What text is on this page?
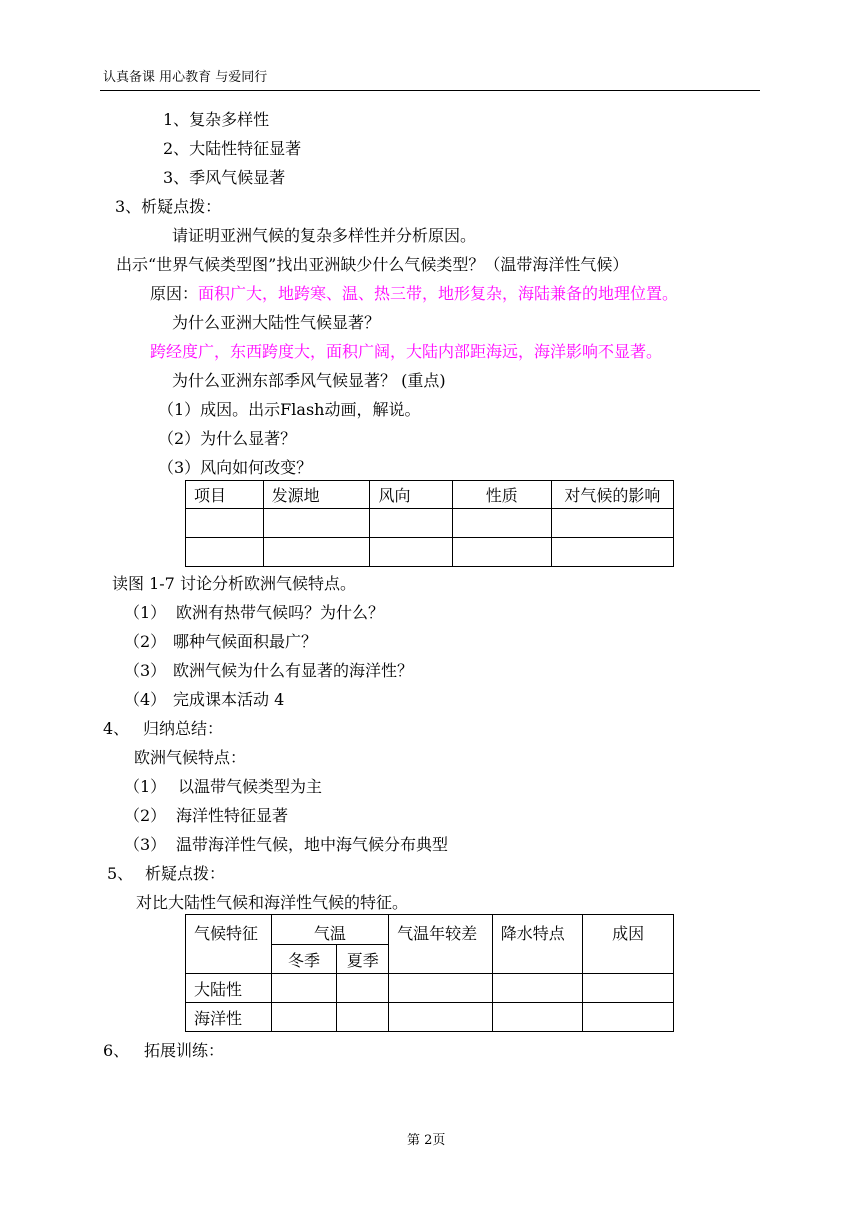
认真备课 用心教育 与爱同行
1、复杂多样性
2、大陆性特征显著
3、季风气候显著
3、析疑点拨：
请证明亚洲气候的复杂多样性并分析原因。
出示“世界气候类型图”找出亚洲缺少什么气候类型？（温带海洋性气候）
原因：面积广大，地跨寒、温、热三带，地形复杂，海陆兼备的地理位置。
为什么亚洲大陆性气候显著？
跨经度广，东西跨度大，面积广阔，大陆内部距海远，海洋影响不显著。
为什么亚洲东部季风气候显著？ (重点)
（1）成因。出示Flash动画，解说。
（2）为什么显著？
（3）风向如何改变？
项目	发源地	风向	性质	对气候的影响

读图 1-7 讨论分析欧洲气候特点。
（1） 欧洲有热带气候吗？为什么？
（2） 哪种气候面积最广？
（3） 欧洲气候为什么有显著的海洋性？
（4） 完成课本活动 4
4、 归纳总结：
欧洲气候特点：
（1） 以温带气候类型为主
（2） 海洋性特征显著
（3） 温带海洋性气候，地中海气候分布典型
5、 析疑点拨：
对比大陆性气候和海洋性气候的特征。
气候特征	气温		气温年较差	降水特点	成因
	冬季	夏季			
大陆性					
海洋性					
6、 拓展训练：
第 2页
